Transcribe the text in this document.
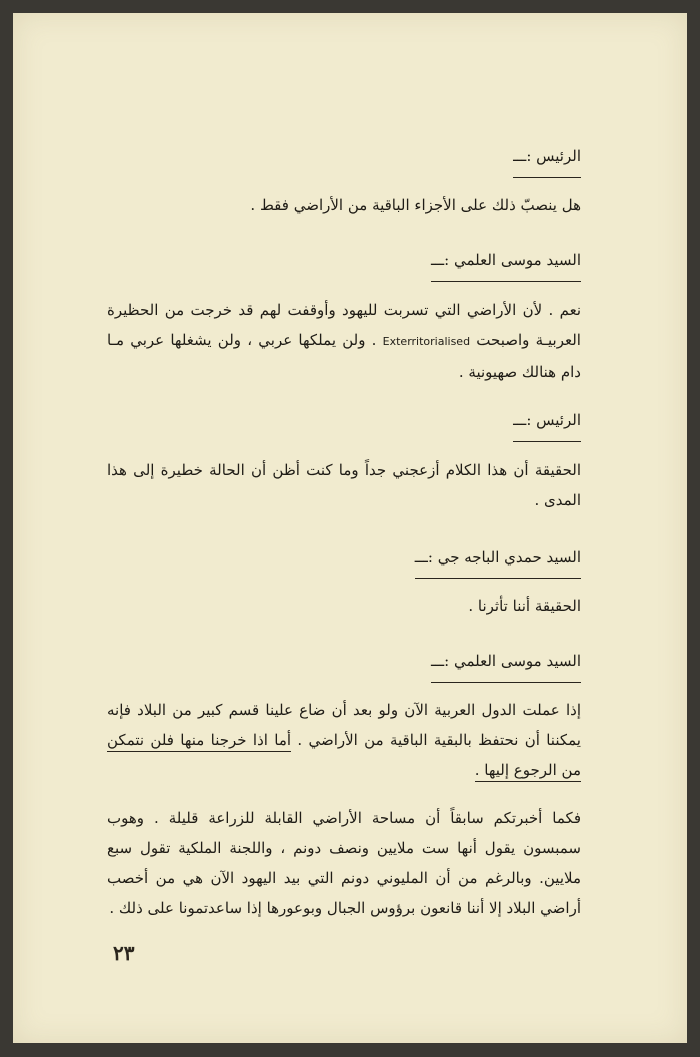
الرئيس :ـــ
هل ينصبّ ذلك على الأجزاء الباقية من الأراضي فقط .
السيد موسى العلمي :ـــ
نعم . لأن الأراضي التي تسربت لليهود وأوقفت لهم قد خرجت من الحظيرة العربيـة واصبحت Exterritorialised . ولن يملكها عربي ، ولن يشغلها عربي مـا دام هنالك صهيونية .
الرئيس :ـــ
الحقيقة أن هذا الكلام أزعجني جداً وما كنت أظن أن الحالة خطيرة إلى هذا المدى .
السيد حمدي الباجه جي :ـــ
الحقيقة أننا تأثرنا .
السيد موسى العلمي :ـــ
إذا عملت الدول العربية الآن ولو بعد أن ضاع علينا قسم كبير من البلاد فإنه يمكننا أن نحتفظ بالبقية الباقية من الأراضي . أما اذا خرجنا منها فلن نتمكن من الرجوع إليها .
فكما أخبرتكم سابقاً أن مساحة الأراضي القابلة للزراعة قليلة . وهوب سمبسون يقول أنها ست ملايين ونصف دونم ، واللجنة الملكية تقول سبع ملايين. وبالرغم من أن المليوني دونم التي بيد اليهود الآن هي من أخصب أراضي البلاد إلا أننا قانعون برؤوس الجبال وبوعورها إذا ساعدتمونا على ذلك .
٢٣
